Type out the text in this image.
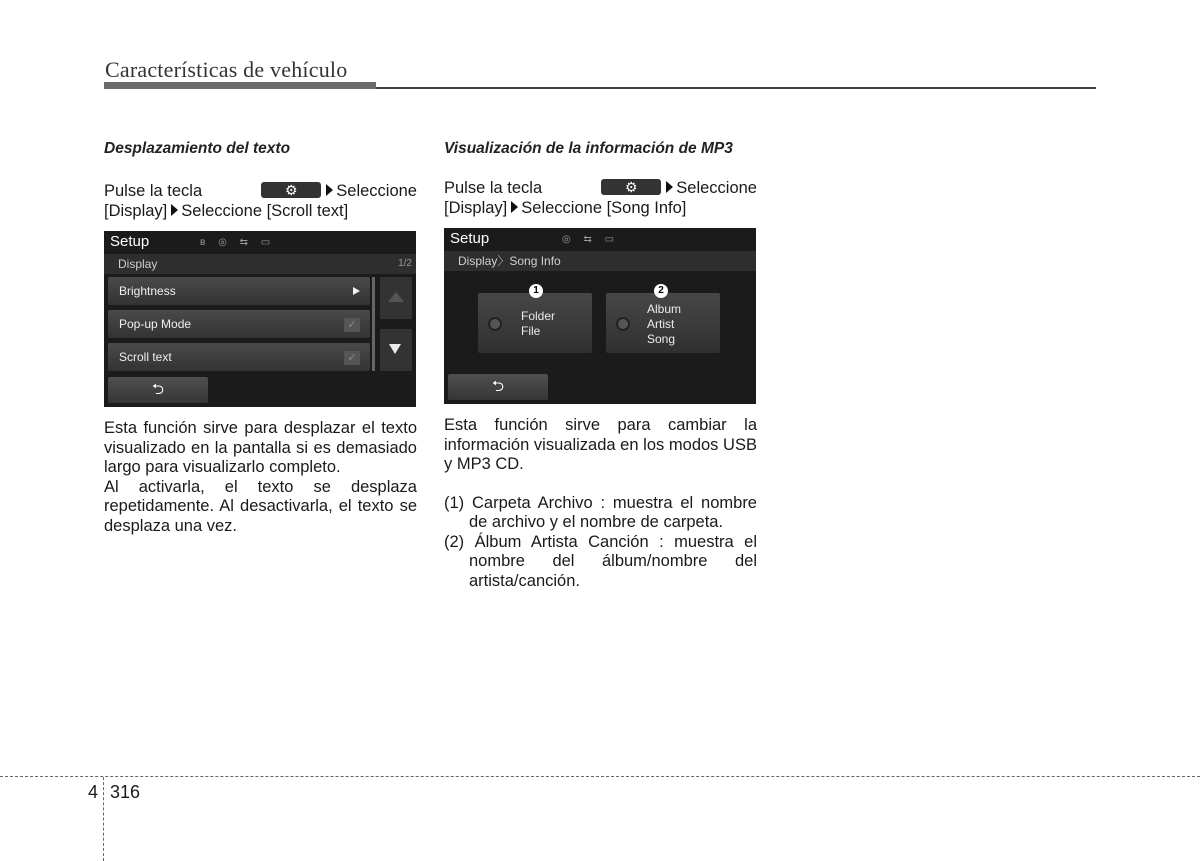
Características de vehículo
Desplazamiento del texto
Pulse la tecla	⚙ Seleccione
[Display] Seleccione [Scroll text]
Setup	ʙ ◎ ⇆ ▭
Display	1/2
Brightness
Pop-up Mode	✓
Scroll text	✓
⮌

Esta función sirve para desplazar el texto visualizado en la pantalla si es demasiado largo para visualizarlo completo.

Al activarla, el texto se desplaza repetidamente. Al desactivarla, el texto se desplaza una vez.

Visualización de la información de MP3
Pulse la tecla	⚙ Seleccione
[Display] Seleccione [Song Info]
Setup	◎ ⇆ ▭
Display〉Song Info
1
Folder
File
2
Album
Artist
Song
⮌

Esta función sirve para cambiar la información visualizada en los modos USB y MP3 CD.

(1) Carpeta Archivo : muestra el nombre de archivo y el nombre de carpeta.

(2) Álbum Artista Canción : muestra el nombre del álbum/nombre del artista/canción.

4 316
